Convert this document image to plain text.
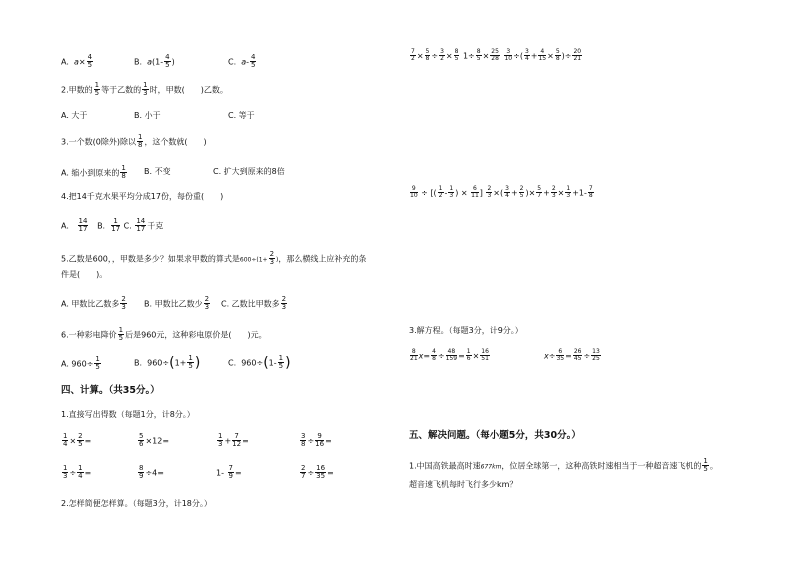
A.  $a\times \frac{4}{5}$	B.  $a(1- \frac{4}{5}$ )	C.  $a- \frac{4}{5}$
2.甲数的 $\frac{1}{5}$ 等于乙数的 $\frac{1}{3}$ 时，甲数(　　)乙数。
A. 大于	B. 小于	C. 等于
3.一个数(0除外)除以 $\frac{1}{8}$ ，这个数就(　　)
A. 缩小到原来的 $\frac{1}{8} B$. 不变	C. 扩大到原来的8倍
4.把14千克水果平均分成17份，每份重(　　)
A. $\frac{14}{17} B$. $\frac{1}{17} C$. $\frac{14}{17}$ 千克
5.乙数是600，，甲数是多少？如果求甲数的算式是$600\div(1+ \frac{2}{3}$ )，那么横线上应补充的条
件是(　　)。
A. 甲数比乙数多 $\frac{2}{3} B$. 甲数比乙数少 $\frac{2}{3} C$. 乙数比甲数多 $\frac{2}{3}$
6.一种彩电降价 $\frac{1}{5}$ 后是960元，这种彩电原价是(　　)元。
A. $960\div \frac{1}{5}$	B.  $960\div(1+ \frac{1}{5}$ )	C.  $960\div(1- \frac{1}{5}$ )
四、计算。（共35分。）
1.直接写出得数（每题1分，计8分。）
$\frac{1}{4} \times \frac{2}{5}$ =	$\frac{5}{6} \times 12=$	$\frac{1}{3} + \frac{7}{12}$ =	$\frac{3}{8} \div \frac{9}{16}$ =
$\frac{1}{3} \div \frac{1}{4}$ =	$\frac{8}{9} \div 4=$	$1- \frac{7}{9}$ =	$\frac{2}{7} \div \frac{16}{35}$ =
2.怎样简便怎样算。（每题3分，计18分。）
$\frac{7}{2} \times \frac{5}{8} \div \frac{3}{2} \times \frac{8}{5} 1\div \frac{8}{5} \times \frac{25}{28}$
$\frac{3}{10}$ ÷( $\frac{3}{4} + \frac{4}{15} \times \frac{5}{8}$ )÷ $\frac{20}{21}$
$\frac{9}{10}$ ÷ [( $\frac{1}{2} - \frac{1}{3}$ ) × $\frac{6}{11}$ ] $\frac{2}{3}$ ×( $\frac{3}{4} + \frac{2}{5}$ )× $\frac{5}{7} + \frac{2}{3} \times \frac{1}{3} +1- \frac{7}{8}$
3.解方程。（每题3分，计9分。）
$\frac{8}{21} x= \frac{4}{8} \div \frac{48}{159} = \frac{1}{6} \times \frac{16}{51}$	$x\div \frac{6}{35} = \frac{26}{45} \div \frac{13}{25}$
五、解决问题。（每小题5分，共30分。）
1.中国高铁最高时速677km，位居全球第一，这种高铁时速相当于一种超音速飞机的 $\frac{1}{5}$ 。
超音速飞机每时飞行多少km？
